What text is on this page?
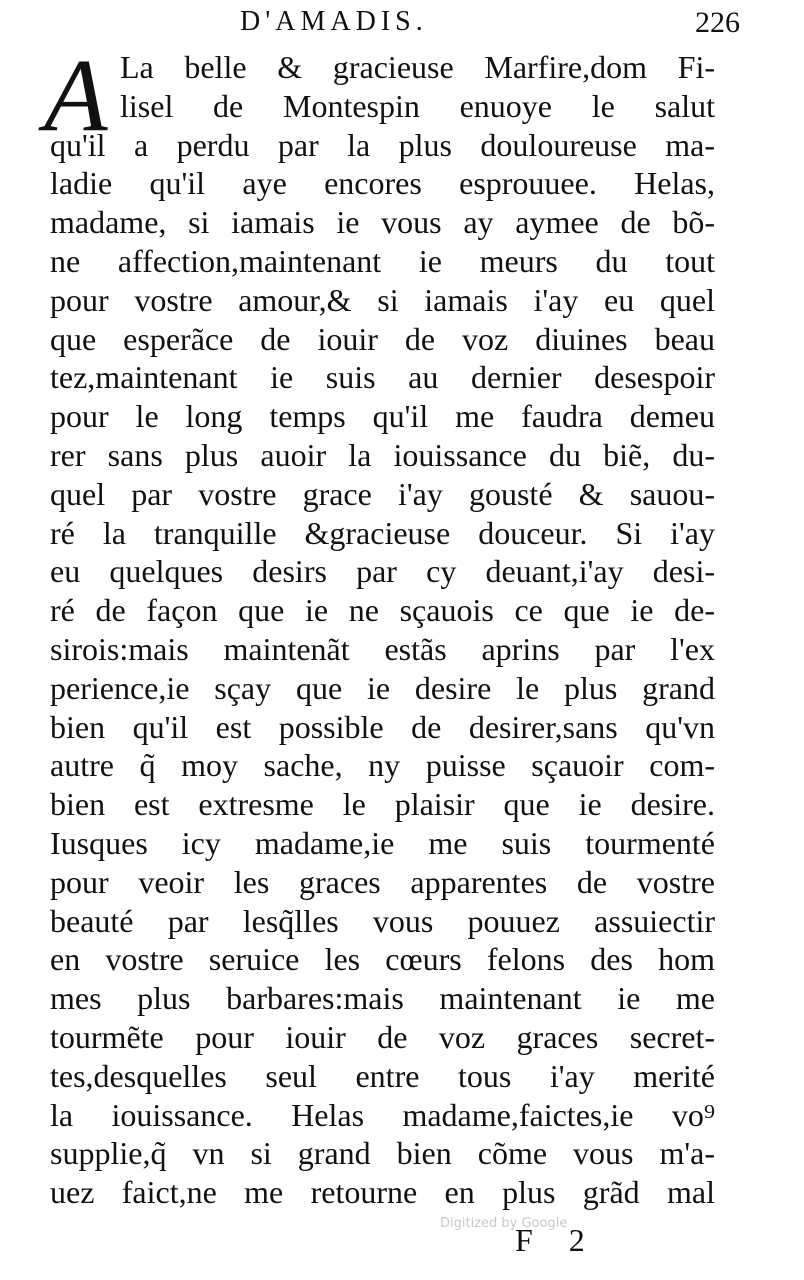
D'AMADIS.	226
A La belle & gracieuse Marfire,dom Fi-
lisel de Montespin enuoye le salut
qu'il a perdu par la plus douloureuse ma-
ladie qu'il aye encores esprouuee. Helas,
madame, si iamais ie vous ay aymee de bõ-
ne affection,maintenant ie meurs du tout
pour vostre amour,& si iamais i'ay eu quel
que esperãce de iouir de voz diuines beau
tez,maintenant ie suis au dernier desespoir
pour le long temps qu'il me faudra demeu
rer sans plus auoir la iouissance du biẽ, du-
quel par vostre grace i'ay gousté & sauou-
ré la tranquille &gracieuse douceur. Si i'ay
eu quelques desirs par cy deuant,i'ay desi-
ré de façon que ie ne sçauois ce que ie de-
sirois:mais maintenãt estãs aprins par l'ex
perience,ie sçay que ie desire le plus grand
bien qu'il est possible de desirer,sans qu'vn
autre q̃ moy sache, ny puisse sçauoir com-
bien est extresme le plaisir que ie desire.
Iusques icy madame,ie me suis tourmenté
pour veoir les graces apparentes de vostre
beauté par lesq̃lles vous pouuez assuiectir
en vostre seruice les cœurs felons des hom
mes plus barbares:mais maintenant ie me
tourmẽte pour iouir de voz graces secret-
tes,desquelles seul entre tous i'ay merité
la iouissance. Helas madame,faictes,ie vo⁹
supplie,q̃ vn si grand bien cõme vous m'a-
uez faict,ne me retourne en plus grãd mal
Digitized by Google
F 2
